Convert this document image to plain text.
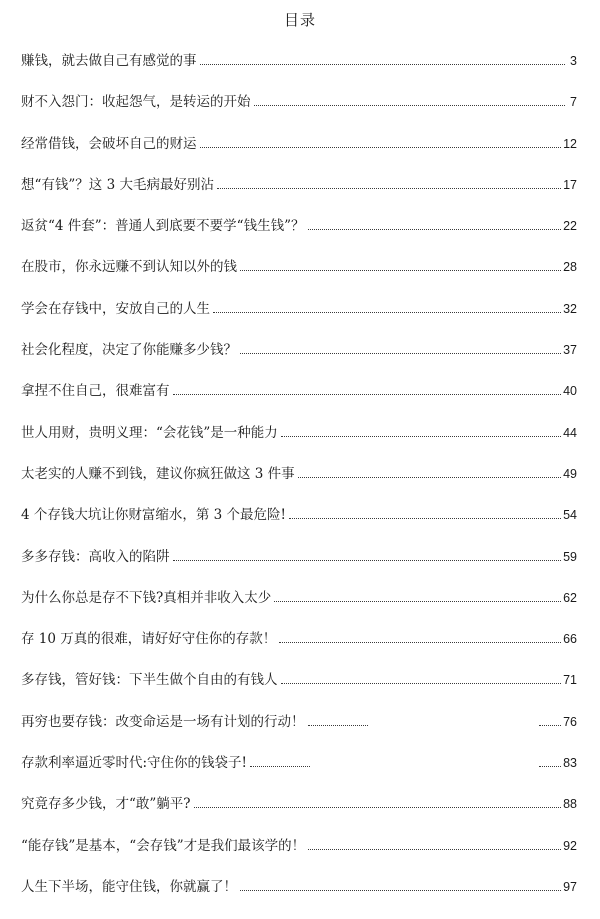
目录
赚钱，就去做自己有感觉的事	3
财不入怨门：收起怨气，是转运的开始	7
经常借钱，会破坏自己的财运	12
想“有钱”？这 3 大毛病最好别沾	17
返贫“4 件套”：普通人到底要不要学“钱生钱”？	22
在股市，你永远赚不到认知以外的钱	28
学会在存钱中，安放自己的人生	32
社会化程度，决定了你能赚多少钱？	37
拿捏不住自己，很难富有	40
世人用财，贵明义理：“会花钱”是一种能力	44
太老实的人赚不到钱，建议你疯狂做这 3 件事	49
4 个存钱大坑让你财富缩水，第 3 个最危险!	54
多多存钱：高收入的陷阱	59
为什么你总是存不下钱?真相并非收入太少	62
存 10 万真的很难，请好好守住你的存款！	66
多存钱，管好钱：下半生做个自由的有钱人	71
再穷也要存钱：改变命运是一场有计划的行动！	76
存款利率逼近零时代:守住你的钱袋子!	83
究竟存多少钱，才“敢”躺平?	88
“能存钱”是基本，“会存钱”才是我们最该学的！	92
人生下半场，能守住钱，你就赢了！	97
